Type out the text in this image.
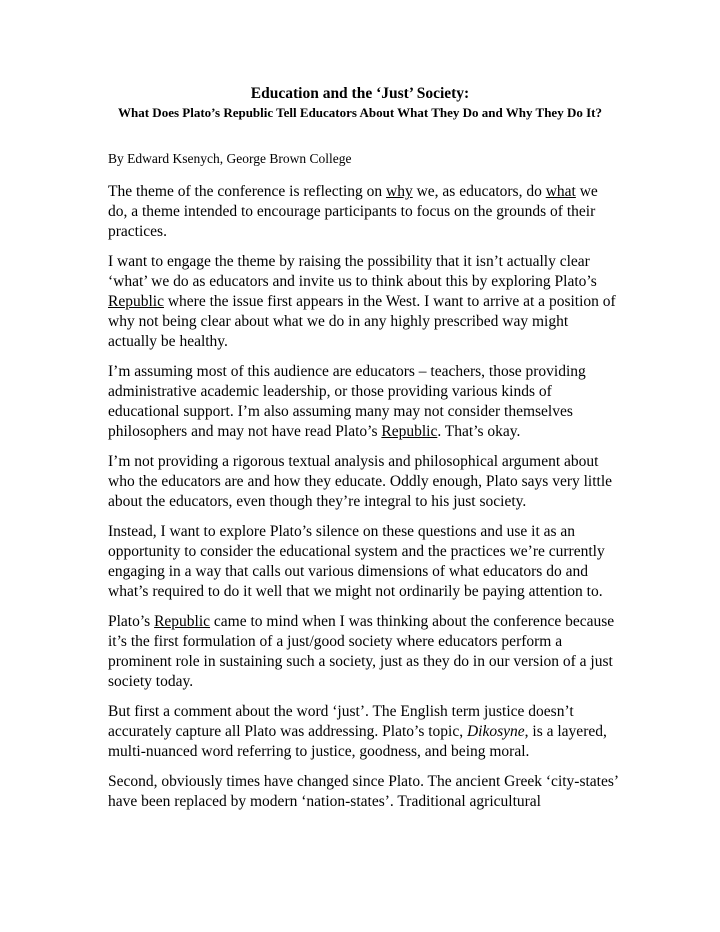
Education and the ‘Just’ Society:
What Does Plato’s Republic Tell Educators About What They Do and Why They Do It?

By Edward Ksenych, George Brown College

The theme of the conference is reflecting on why we, as educators, do what we do, a theme intended to encourage participants to focus on the grounds of their practices.

I want to engage the theme by raising the possibility that it isn’t actually clear ‘what’ we do as educators and invite us to think about this by exploring Plato’s Republic where the issue first appears in the West. I want to arrive at a position of why not being clear about what we do in any highly prescribed way might actually be healthy.

I’m assuming most of this audience are educators – teachers, those providing administrative academic leadership, or those providing various kinds of educational support. I’m also assuming many may not consider themselves philosophers and may not have read Plato’s Republic. That’s okay.

I’m not providing a rigorous textual analysis and philosophical argument about who the educators are and how they educate. Oddly enough, Plato says very little about the educators, even though they’re integral to his just society.

Instead, I want to explore Plato’s silence on these questions and use it as an opportunity to consider the educational system and the practices we’re currently engaging in a way that calls out various dimensions of what educators do and what’s required to do it well that we might not ordinarily be paying attention to.

Plato’s Republic came to mind when I was thinking about the conference because it’s the first formulation of a just/good society where educators perform a prominent role in sustaining such a society, just as they do in our version of a just society today.

But first a comment about the word ‘just’. The English term justice doesn’t accurately capture all Plato was addressing. Plato’s topic, Dikosyne, is a layered, multi-nuanced word referring to justice, goodness, and being moral.

Second, obviously times have changed since Plato. The ancient Greek ‘city-states’ have been replaced by modern ‘nation-states’. Traditional agricultural
